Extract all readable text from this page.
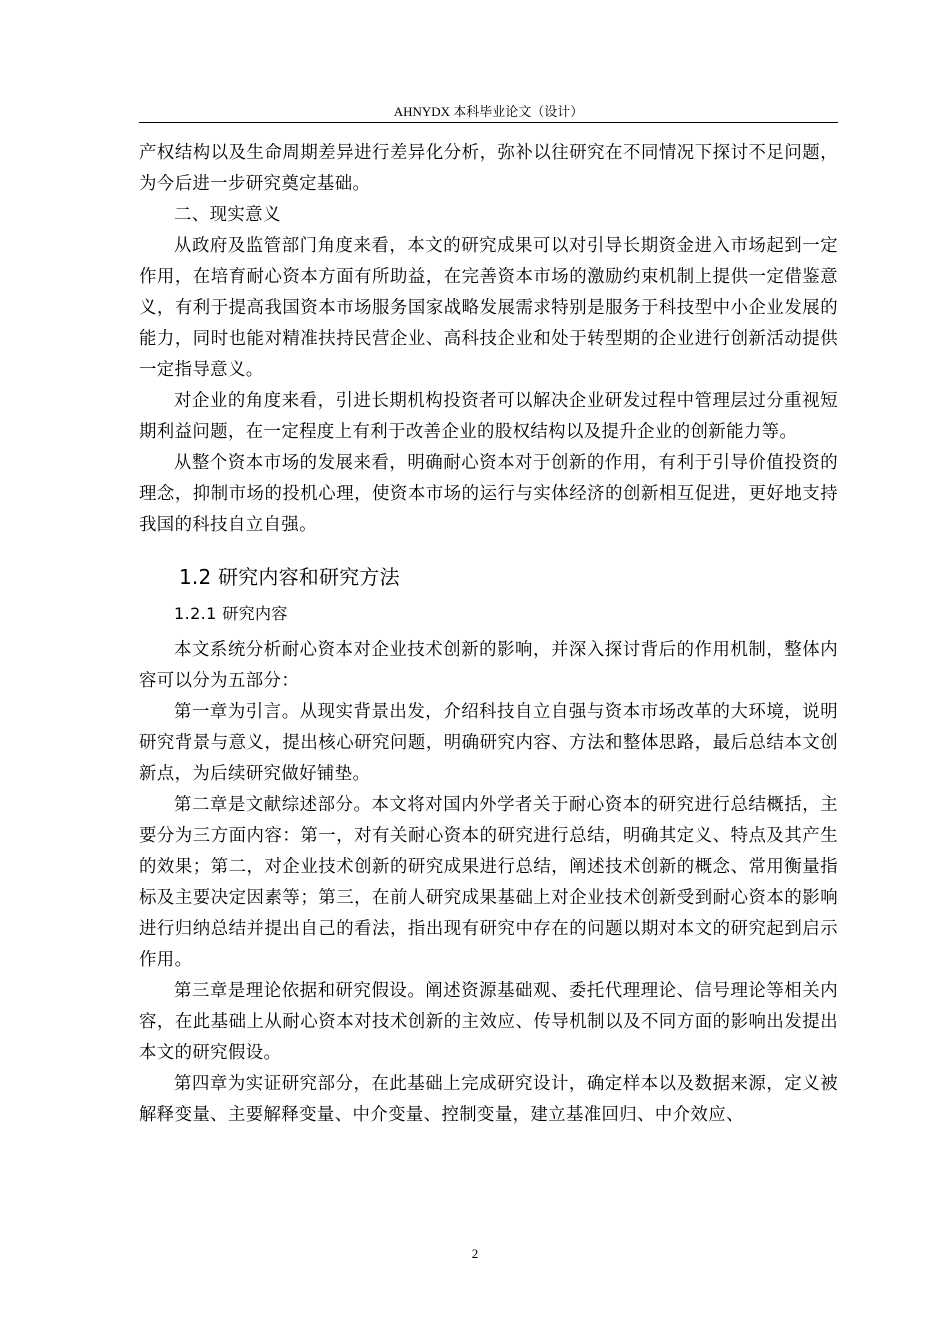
AHNYDX 本科毕业论文（设计）

产权结构以及生命周期差异进行差异化分析，弥补以往研究在不同情况下探讨不足问题，为今后进一步研究奠定基础。

二、现实意义

从政府及监管部门角度来看，本文的研究成果可以对引导长期资金进入市场起到一定作用，在培育耐心资本方面有所助益，在完善资本市场的激励约束机制上提供一定借鉴意义，有利于提高我国资本市场服务国家战略发展需求特别是服务于科技型中小企业发展的能力，同时也能对精准扶持民营企业、高科技企业和处于转型期的企业进行创新活动提供一定指导意义。

对企业的角度来看，引进长期机构投资者可以解决企业研发过程中管理层过分重视短期利益问题，在一定程度上有利于改善企业的股权结构以及提升企业的创新能力等。

从整个资本市场的发展来看，明确耐心资本对于创新的作用，有利于引导价值投资的理念，抑制市场的投机心理，使资本市场的运行与实体经济的创新相互促进，更好地支持我国的科技自立自强。

1.2 研究内容和研究方法
1.2.1 研究内容

本文系统分析耐心资本对企业技术创新的影响，并深入探讨背后的作用机制，整体内容可以分为五部分：

第一章为引言。从现实背景出发，介绍科技自立自强与资本市场改革的大环境，说明研究背景与意义，提出核心研究问题，明确研究内容、方法和整体思路，最后总结本文创新点，为后续研究做好铺垫。

第二章是文献综述部分。本文将对国内外学者关于耐心资本的研究进行总结概括，主要分为三方面内容：第一，对有关耐心资本的研究进行总结，明确其定义、特点及其产生的效果；第二，对企业技术创新的研究成果进行总结，阐述技术创新的概念、常用衡量指标及主要决定因素等；第三，在前人研究成果基础上对企业技术创新受到耐心资本的影响进行归纳总结并提出自己的看法，指出现有研究中存在的问题以期对本文的研究起到启示作用。

第三章是理论依据和研究假设。阐述资源基础观、委托代理理论、信号理论等相关内容，在此基础上从耐心资本对技术创新的主效应、传导机制以及不同方面的影响出发提出本文的研究假设。

第四章为实证研究部分，在此基础上完成研究设计，确定样本以及数据来源，定义被解释变量、主要解释变量、中介变量、控制变量，建立基准回归、中介效应、

2
